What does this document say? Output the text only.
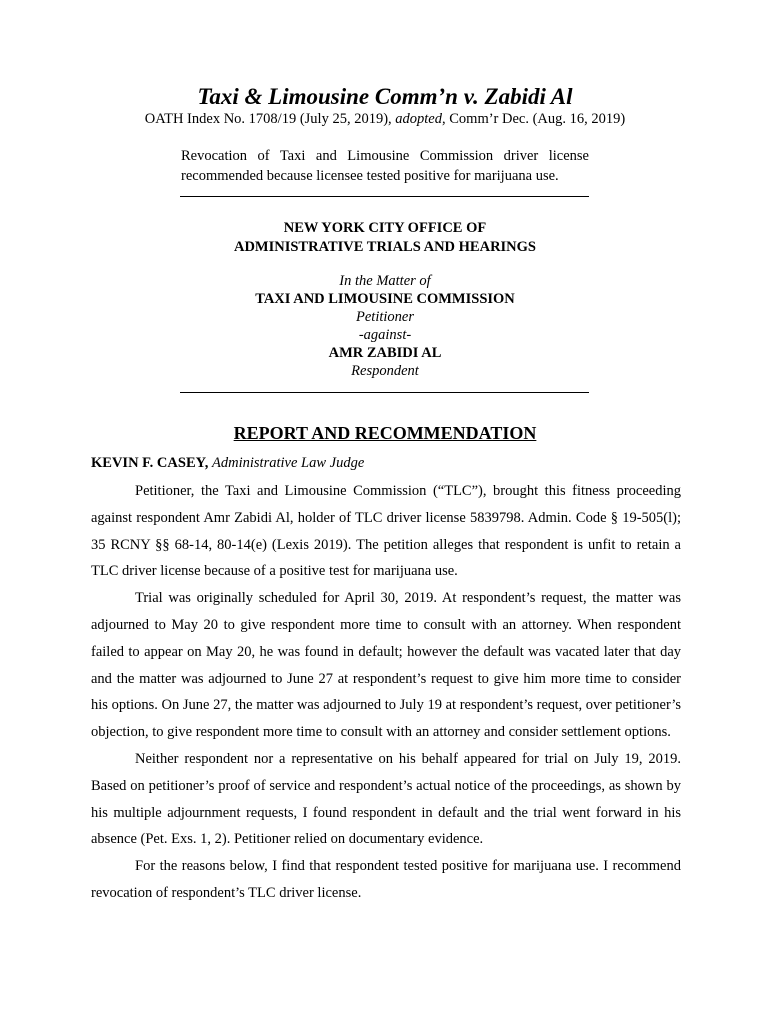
Taxi & Limousine Comm’n v. Zabidi Al
OATH Index No. 1708/19 (July 25, 2019), adopted, Comm’r Dec. (Aug. 16, 2019)
Revocation of Taxi and Limousine Commission driver license recommended because licensee tested positive for marijuana use.
NEW YORK CITY OFFICE OF
ADMINISTRATIVE TRIALS AND HEARINGS
In the Matter of
TAXI AND LIMOUSINE COMMISSION
Petitioner
-against-
AMR ZABIDI AL
Respondent
REPORT AND RECOMMENDATION
KEVIN F. CASEY, Administrative Law Judge

Petitioner, the Taxi and Limousine Commission (“TLC”), brought this fitness proceeding against respondent Amr Zabidi Al, holder of TLC driver license 5839798. Admin. Code § 19-505(l); 35 RCNY §§ 68-14, 80-14(e) (Lexis 2019). The petition alleges that respondent is unfit to retain a TLC driver license because of a positive test for marijuana use.

Trial was originally scheduled for April 30, 2019. At respondent’s request, the matter was adjourned to May 20 to give respondent more time to consult with an attorney. When respondent failed to appear on May 20, he was found in default; however the default was vacated later that day and the matter was adjourned to June 27 at respondent’s request to give him more time to consider his options. On June 27, the matter was adjourned to July 19 at respondent’s request, over petitioner’s objection, to give respondent more time to consult with an attorney and consider settlement options.

Neither respondent nor a representative on his behalf appeared for trial on July 19, 2019. Based on petitioner’s proof of service and respondent’s actual notice of the proceedings, as shown by his multiple adjournment requests, I found respondent in default and the trial went forward in his absence (Pet. Exs. 1, 2). Petitioner relied on documentary evidence.

For the reasons below, I find that respondent tested positive for marijuana use. I recommend revocation of respondent’s TLC driver license.
